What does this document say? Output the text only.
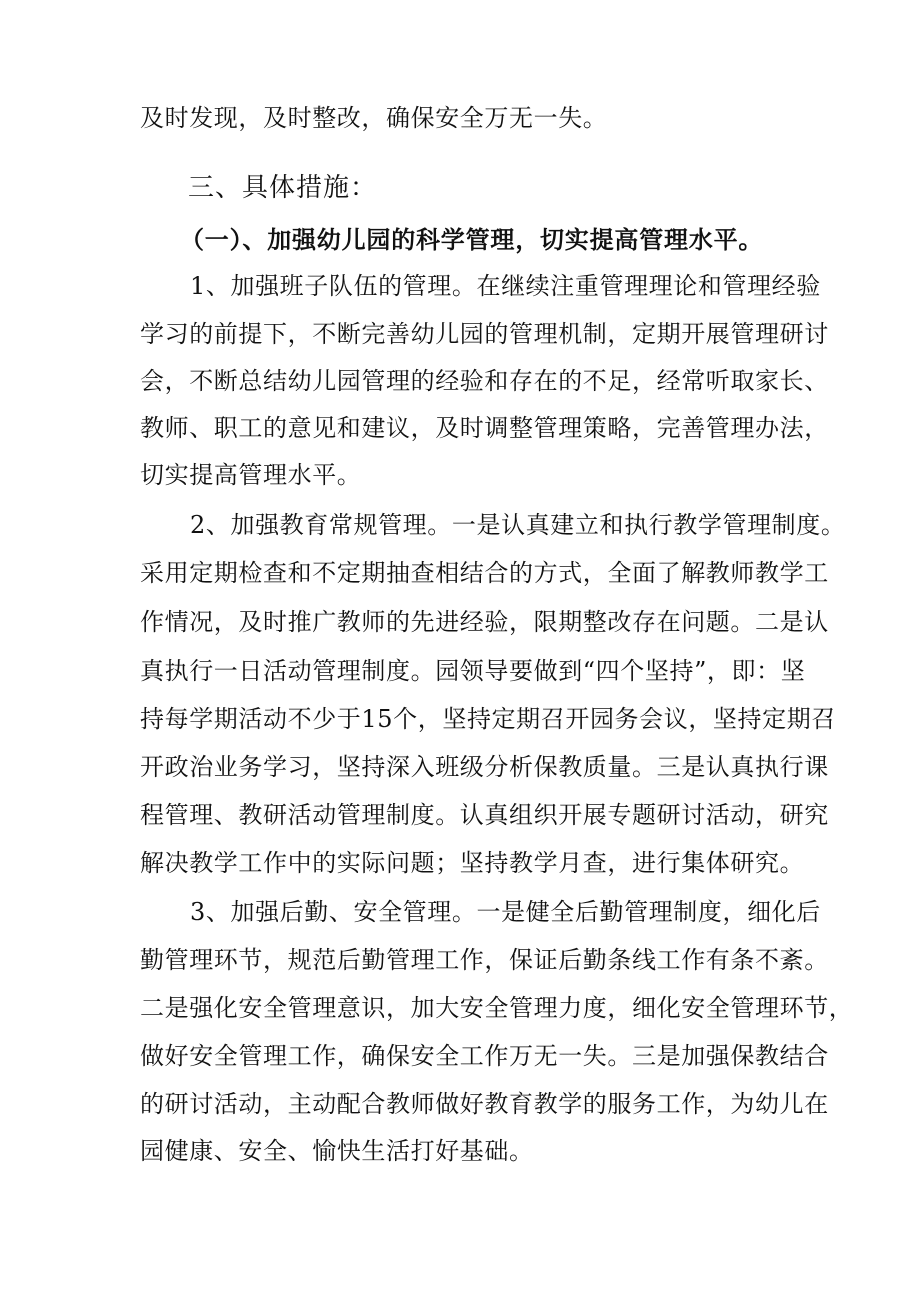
及时发现，及时整改，确保安全万无一失。
三、具体措施：
（一）、加强幼儿园的科学管理，切实提高管理水平。
1、加强班子队伍的管理。在继续注重管理理论和管理经验
学习的前提下，不断完善幼儿园的管理机制，定期开展管理研讨
会，不断总结幼儿园管理的经验和存在的不足，经常听取家长、
教师、职工的意见和建议，及时调整管理策略，完善管理办法，
切实提高管理水平。
2、加强教育常规管理。一是认真建立和执行教学管理制度。
采用定期检查和不定期抽查相结合的方式，全面了解教师教学工
作情况，及时推广教师的先进经验，限期整改存在问题。二是认
真执行一日活动管理制度。园领导要做到“四个坚持”，即：坚
持每学期活动不少于15个，坚持定期召开园务会议，坚持定期召
开政治业务学习，坚持深入班级分析保教质量。三是认真执行课
程管理、教研活动管理制度。认真组织开展专题研讨活动，研究
解决教学工作中的实际问题；坚持教学月查，进行集体研究。
3、加强后勤、安全管理。一是健全后勤管理制度，细化后
勤管理环节，规范后勤管理工作，保证后勤条线工作有条不紊。
二是强化安全管理意识，加大安全管理力度，细化安全管理环节，
做好安全管理工作，确保安全工作万无一失。三是加强保教结合
的研讨活动，主动配合教师做好教育教学的服务工作，为幼儿在
园健康、安全、愉快生活打好基础。
